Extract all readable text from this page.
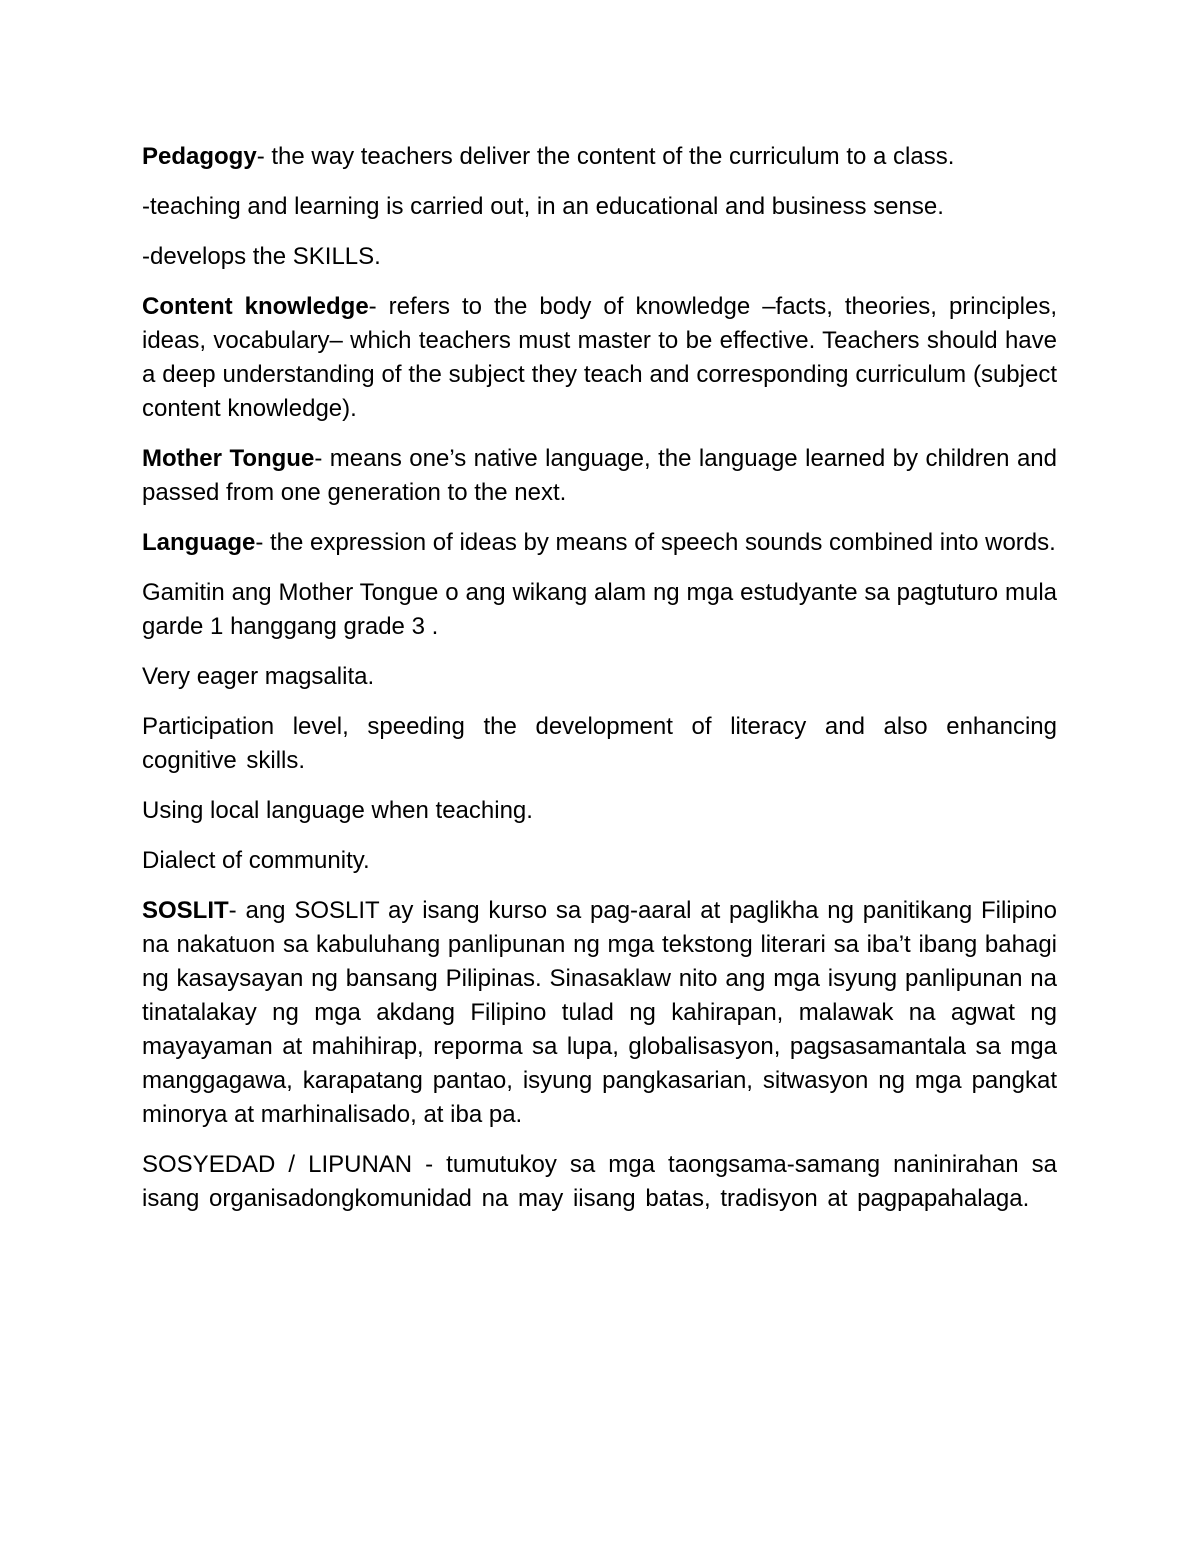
Pedagogy- the way teachers deliver the content of the curriculum to a class.

-teaching and learning is carried out, in an educational and business sense.

-develops the SKILLS.

Content knowledge- refers to the body of knowledge –facts, theories, principles, ideas, vocabulary– which teachers must master to be effective. Teachers should have a deep understanding of the subject they teach and corresponding curriculum (subject content knowledge).

Mother Tongue- means one’s native language, the language learned by children and passed from one generation to the next.

Language- the expression of ideas by means of speech sounds combined into words.

Gamitin ang Mother Tongue o ang wikang alam ng mga estudyante sa pagtuturo mula garde 1 hanggang grade 3 .

Very eager magsalita.

Participation level, speeding the development of literacy and also enhancing cognitive skills.

Using local language when teaching.

Dialect of community.

SOSLIT- ang SOSLIT ay isang kurso sa pag-aaral at paglikha ng panitikang Filipino na nakatuon sa kabuluhang panlipunan ng mga tekstong literari sa iba’t ibang bahagi ng kasaysayan ng bansang Pilipinas. Sinasaklaw nito ang mga isyung panlipunan na tinatalakay ng mga akdang Filipino tulad ng kahirapan, malawak na agwat ng mayayaman at mahihirap, reporma sa lupa, globalisasyon, pagsasamantala sa mga manggagawa, karapatang pantao, isyung pangkasarian, sitwasyon ng mga pangkat minorya at marhinalisado, at iba pa.

SOSYEDAD / LIPUNAN - tumutukoy sa mga taongsama-samang naninirahan sa isang organisadongkomunidad na may iisang batas, tradisyon at pagpapahalaga.
